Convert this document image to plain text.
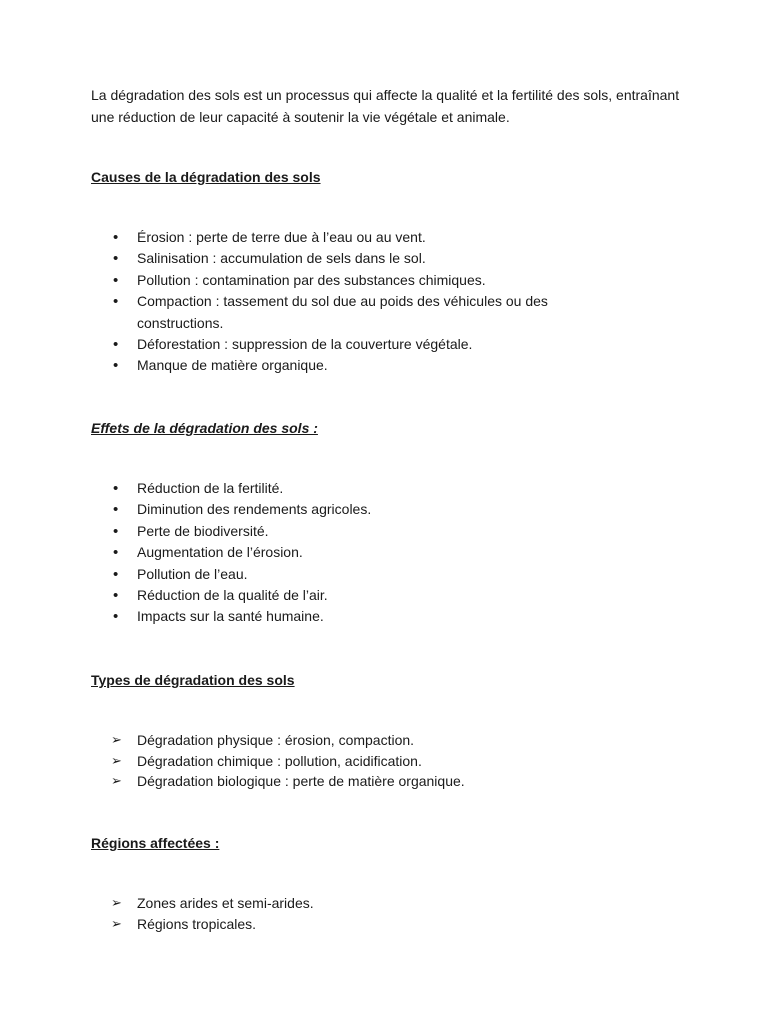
La dégradation des sols est un processus qui affecte la qualité et la fertilité des sols, entraînant une réduction de leur capacité à soutenir la vie végétale et animale.

Causes de la dégradation des sols
• Érosion : perte de terre due à l’eau ou au vent.
• Salinisation : accumulation de sels dans le sol.
• Pollution : contamination par des substances chimiques.
• Compaction : tassement du sol due au poids des véhicules ou des constructions.
• Déforestation : suppression de la couverture végétale.
• Manque de matière organique.
Effets de la dégradation des sols :
• Réduction de la fertilité.
• Diminution des rendements agricoles.
• Perte de biodiversité.
• Augmentation de l’érosion.
• Pollution de l’eau.
• Réduction de la qualité de l’air.
• Impacts sur la santé humaine.
Types de dégradation des sols
➢ Dégradation physique : érosion, compaction.
➢ Dégradation chimique : pollution, acidification.
➢ Dégradation biologique : perte de matière organique.
Régions affectées :
➢ Zones arides et semi-arides.
➢ Régions tropicales.
